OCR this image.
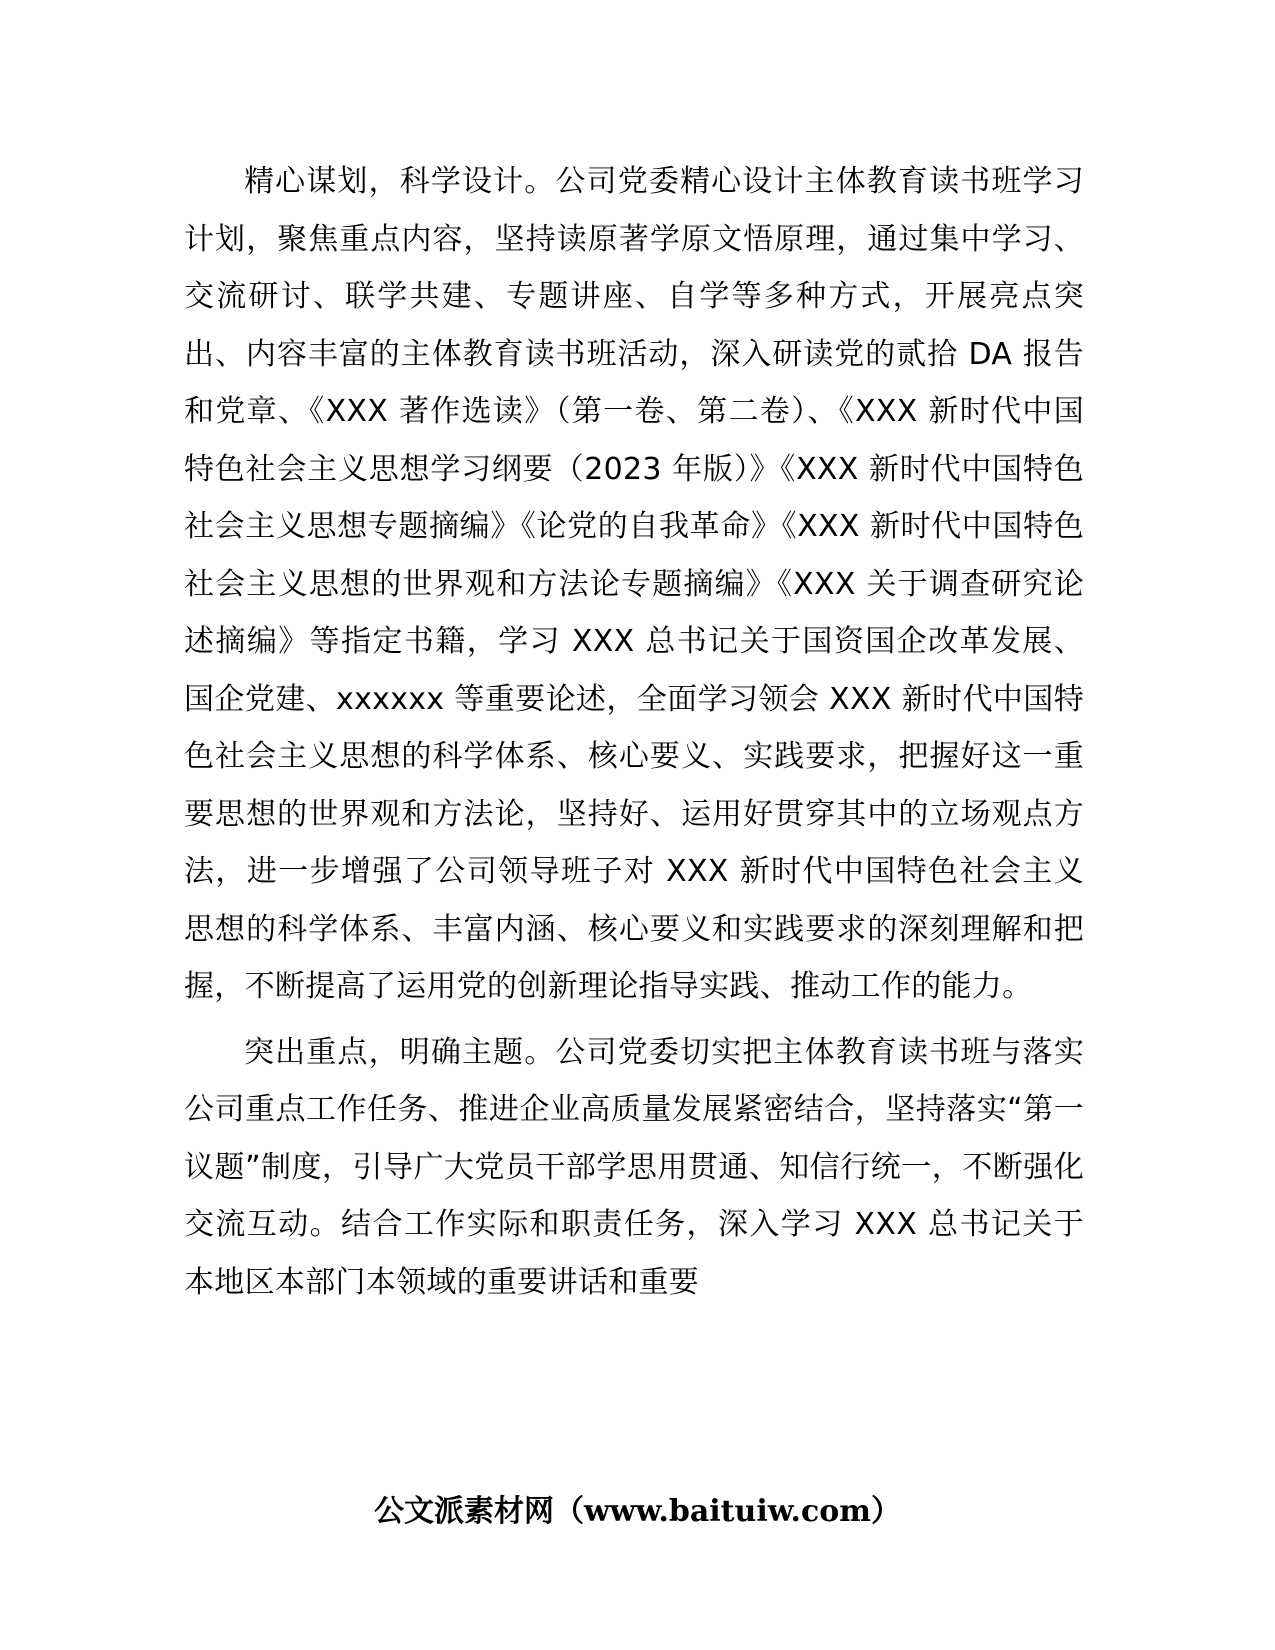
精心谋划，科学设计。公司党委精心设计主体教育读书班学习计划，聚焦重点内容，坚持读原著学原文悟原理，通过集中学习、交流研讨、联学共建、专题讲座、自学等多种方式，开展亮点突出、内容丰富的主体教育读书班活动，深入研读党的贰拾 DA 报告和党章、《XXX 著作选读》（第一卷、第二卷）、《XXX 新时代中国特色社会主义思想学习纲要（2023 年版）》《XXX 新时代中国特色社会主义思想专题摘编》《论党的自我革命》《XXX 新时代中国特色社会主义思想的世界观和方法论专题摘编》《XXX 关于调查研究论述摘编》等指定书籍，学习 XXX 总书记关于国资国企改革发展、国企党建、xxxxxx 等重要论述，全面学习领会 XXX 新时代中国特色社会主义思想的科学体系、核心要义、实践要求，把握好这一重要思想的世界观和方法论，坚持好、运用好贯穿其中的立场观点方法，进一步增强了公司领导班子对 XXX 新时代中国特色社会主义思想的科学体系、丰富内涵、核心要义和实践要求的深刻理解和把握，不断提高了运用党的创新理论指导实践、推动工作的能力。

突出重点，明确主题。公司党委切实把主体教育读书班与落实公司重点工作任务、推进企业高质量发展紧密结合，坚持落实“第一议题”制度，引导广大党员干部学思用贯通、知信行统一，不断强化交流互动。结合工作实际和职责任务，深入学习 XXX 总书记关于本地区本部门本领域的重要讲话和重要

公文派素材网（www.baituiw.com）
